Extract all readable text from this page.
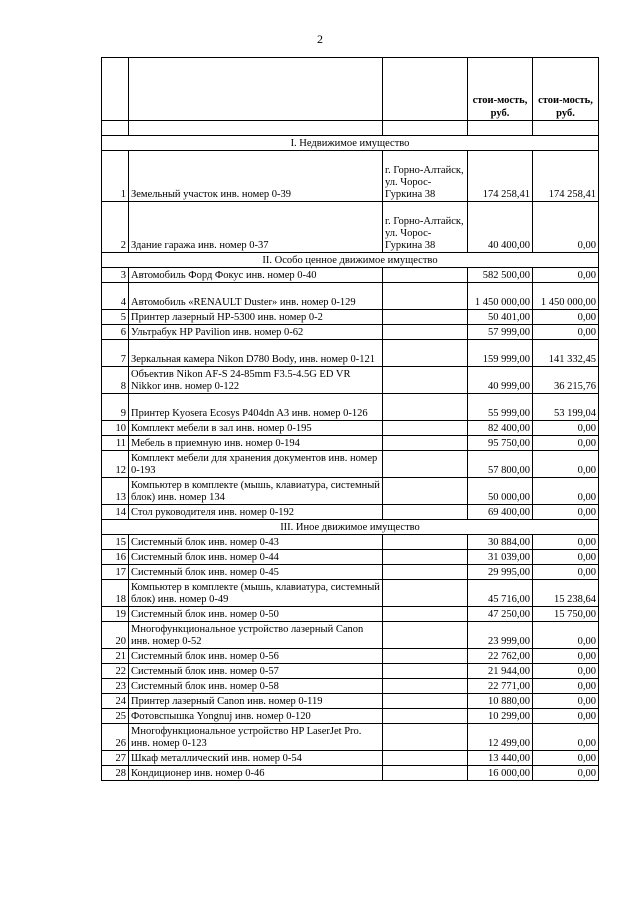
2
			стои-мость, руб.	стои-мость, руб.

I. Недвижимое имущество				
1	Земельный участок инв. номер 0-39	г. Горно-Алтайск, ул. Чорос-Гуркина 38	174 258,41	174 258,41
2	Здание гаража инв. номер 0-37	г. Горно-Алтайск, ул. Чорос-Гуркина 38	40 400,00	0,00
II. Особо ценное движимое имущество				
3	Автомобиль Форд Фокус инв. номер 0-40		582 500,00	0,00
4	Автомобиль «RENAULT Duster» инв. номер 0-129		1 450 000,00	1 450 000,00
5	Принтер лазерный HP-5300 инв. номер 0-2		50 401,00	0,00
6	Ультрабук HP Pavilion инв. номер 0-62		57 999,00	0,00
7	Зеркальная камера Nikon D780 Body, инв. номер 0-121		159 999,00	141 332,45
8	Объектив Nikon AF-S 24-85mm F3.5-4.5G ED VR Nikkor инв. номер 0-122		40 999,00	36 215,76
9	Принтер Kyosera Ecosys P404dn A3 инв. номер 0-126		55 999,00	53 199,04
10	Комплект мебели в зал инв. номер 0-195		82 400,00	0,00
11	Мебель в приемную инв. номер 0-194		95 750,00	0,00
12	Комплект мебели для хранения документов инв. номер 0-193		57 800,00	0,00
13	Компьютер в комплекте (мышь, клавиатура, системный блок) инв. номер 134		50 000,00	0,00
14	Стол руководителя инв. номер 0-192		69 400,00	0,00
III. Иное движимое имущество				
15	Системный блок инв. номер 0-43		30 884,00	0,00
16	Системный блок инв. номер 0-44		31 039,00	0,00
17	Системный блок инв. номер 0-45		29 995,00	0,00
18	Компьютер в комплекте (мышь, клавиатура, системный блок) инв. номер 0-49		45 716,00	15 238,64
19	Системный блок инв. номер 0-50		47 250,00	15 750,00
20	Многофункциональное устройство лазерный Canon инв. номер 0-52		23 999,00	0,00
21	Системный блок инв. номер 0-56		22 762,00	0,00
22	Системный блок инв. номер 0-57		21 944,00	0,00
23	Системный блок инв. номер 0-58		22 771,00	0,00
24	Принтер лазерный Canon инв. номер 0-119		10 880,00	0,00
25	Фотовспышка Yongnuj инв. номер 0-120		10 299,00	0,00
26	Многофункциональное устройство HP LaserJet Pro. инв. номер 0-123		12 499,00	0,00
27	Шкаф металлический инв. номер 0-54		13 440,00	0,00
28	Кондиционер инв. номер 0-46		16 000,00	0,00
